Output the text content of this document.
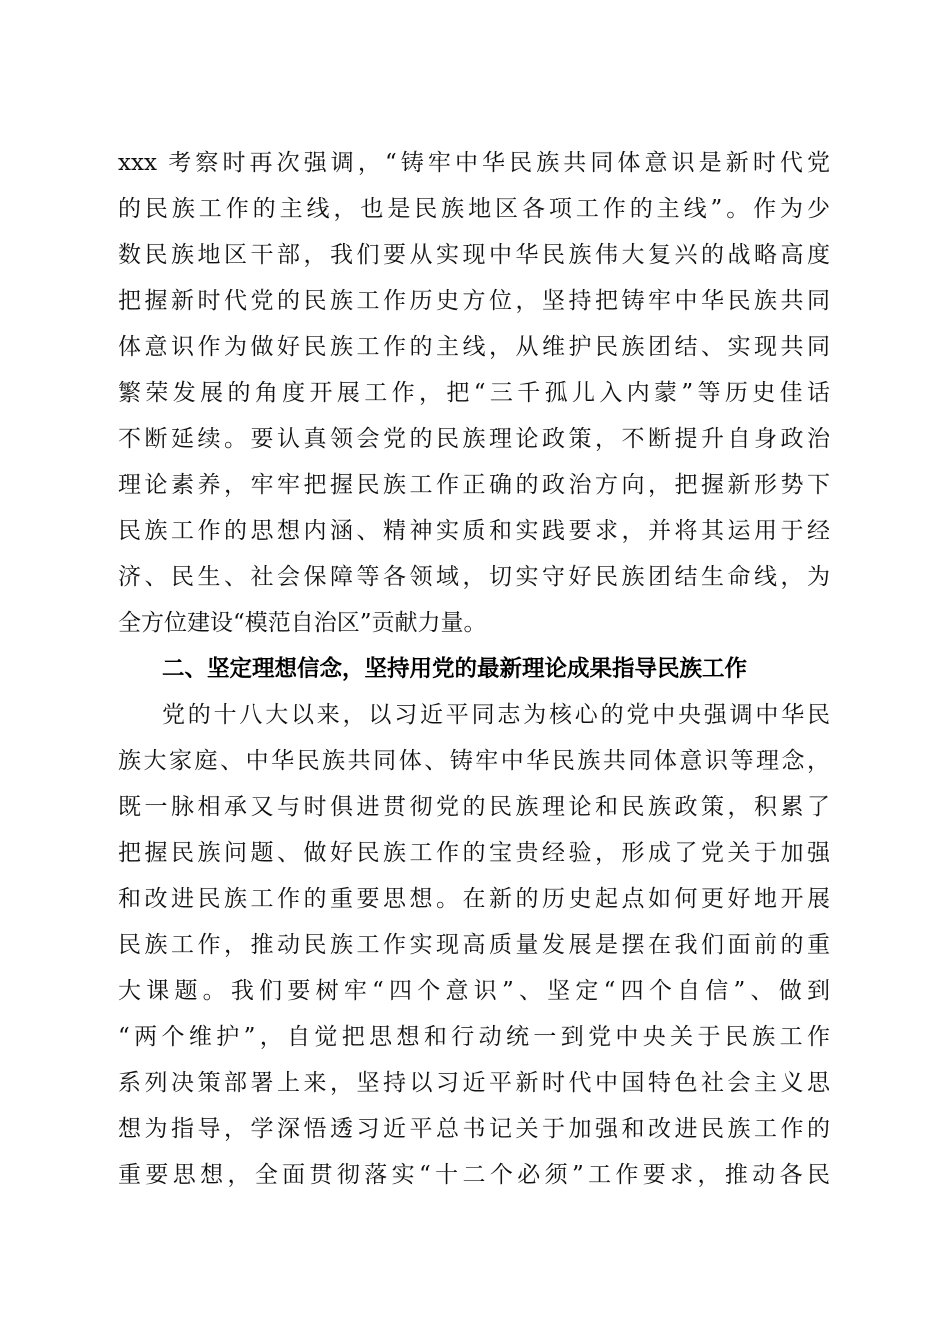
xxx 考察时再次强调，“铸牢中华民族共同体意识是新时代党
的民族工作的主线，也是民族地区各项工作的主线”。作为少
数民族地区干部，我们要从实现中华民族伟大复兴的战略高度
把握新时代党的民族工作历史方位，坚持把铸牢中华民族共同
体意识作为做好民族工作的主线，从维护民族团结、实现共同
繁荣发展的角度开展工作，把“三千孤儿入内蒙”等历史佳话
不断延续。要认真领会党的民族理论政策，不断提升自身政治
理论素养，牢牢把握民族工作正确的政治方向，把握新形势下
民族工作的思想内涵、精神实质和实践要求，并将其运用于经
济、民生、社会保障等各领域，切实守好民族团结生命线，为
全方位建设“模范自治区”贡献力量。
二、坚定理想信念，坚持用党的最新理论成果指导民族工作
党的十八大以来，以习近平同志为核心的党中央强调中华民
族大家庭、中华民族共同体、铸牢中华民族共同体意识等理念，
既一脉相承又与时俱进贯彻党的民族理论和民族政策，积累了
把握民族问题、做好民族工作的宝贵经验，形成了党关于加强
和改进民族工作的重要思想。在新的历史起点如何更好地开展
民族工作，推动民族工作实现高质量发展是摆在我们面前的重
大课题。我们要树牢“四个意识”、坚定“四个自信”、做到
“两个维护”，自觉把思想和行动统一到党中央关于民族工作
系列决策部署上来，坚持以习近平新时代中国特色社会主义思
想为指导，学深悟透习近平总书记关于加强和改进民族工作的
重要思想，全面贯彻落实“十二个必须”工作要求，推动各民
